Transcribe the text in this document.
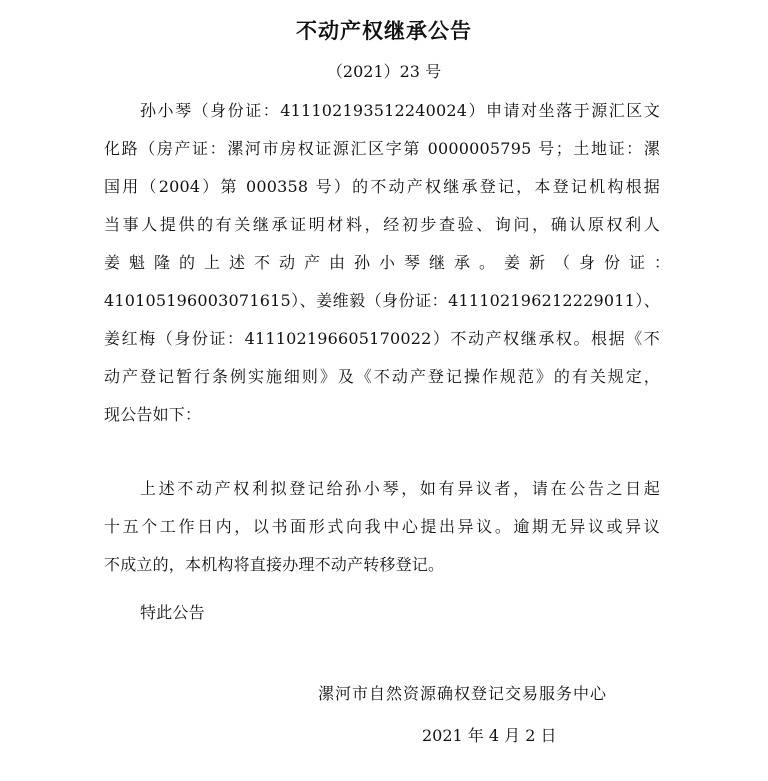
不动产权继承公告
（2021）23 号
孙小琴（身份证：411102193512240024）申请对坐落于源汇区文
化路（房产证：漯河市房权证源汇区字第 0000005795 号；土地证：漯
国用（2004）第 000358 号）的不动产权继承登记，本登记机构根据
当事人提供的有关继承证明材料，经初步查验、询问，确认原权利人
姜魁隆的上述不动产由孙小琴继承。姜新（身份证：
410105196003071615）、姜维毅（身份证：411102196212229011）、
姜红梅（身份证：411102196605170022）不动产权继承权。根据《不
动产登记暂行条例实施细则》及《不动产登记操作规范》的有关规定，
现公告如下：
上述不动产权利拟登记给孙小琴，如有异议者，请在公告之日起
十五个工作日内，以书面形式向我中心提出异议。逾期无异议或异议
不成立的，本机构将直接办理不动产转移登记。
特此公告
漯河市自然资源确权登记交易服务中心
2021 年 4 月 2 日
